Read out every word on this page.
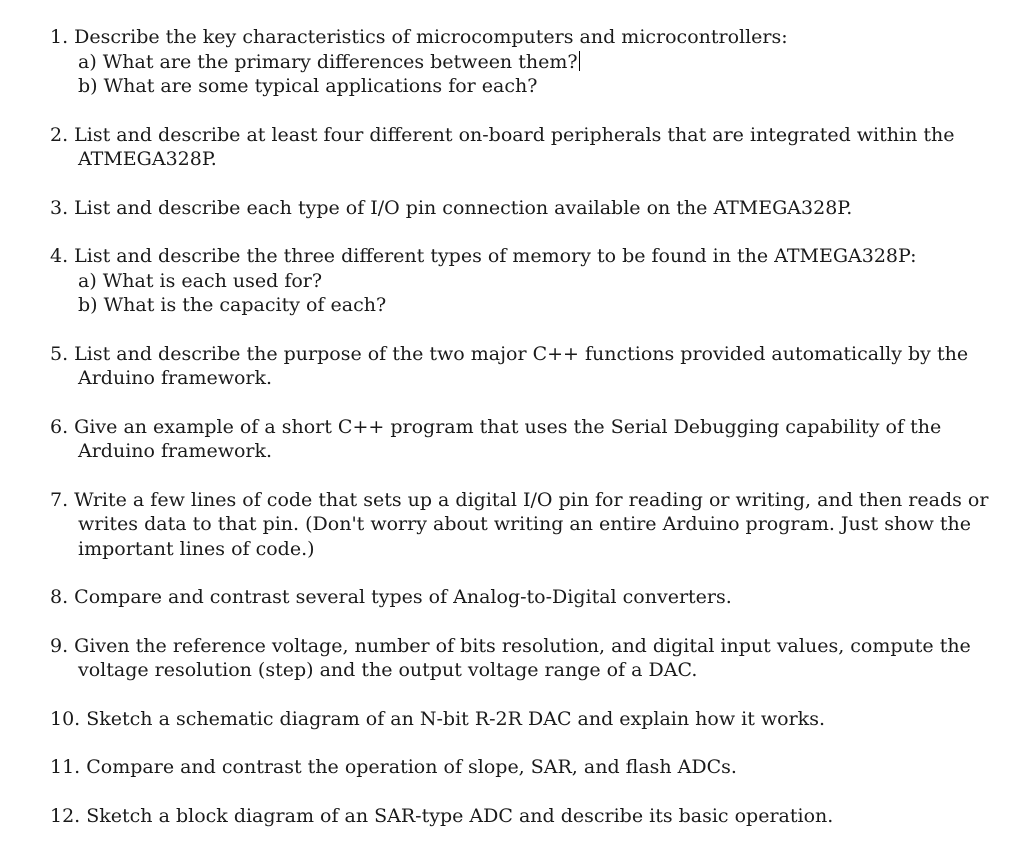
1. Describe the key characteristics of microcomputers and microcontrollers:
a) What are the primary differences between them?
b) What are some typical applications for each?
2. List and describe at least four different on-board peripherals that are integrated within the ATMEGA328P.
3. List and describe each type of I/O pin connection available on the ATMEGA328P.
4. List and describe the three different types of memory to be found in the ATMEGA328P:
a) What is each used for?
b) What is the capacity of each?
5. List and describe the purpose of the two major C++ functions provided automatically by the Arduino framework.
6. Give an example of a short C++ program that uses the Serial Debugging capability of the Arduino framework.
7. Write a few lines of code that sets up a digital I/O pin for reading or writing, and then reads or writes data to that pin. (Don't worry about writing an entire Arduino program. Just show the important lines of code.)
8. Compare and contrast several types of Analog-to-Digital converters.
9. Given the reference voltage, number of bits resolution, and digital input values, compute the voltage resolution (step) and the output voltage range of a DAC.
10. Sketch a schematic diagram of an N-bit R-2R DAC and explain how it works.
11. Compare and contrast the operation of slope, SAR, and flash ADCs.
12. Sketch a block diagram of an SAR-type ADC and describe its basic operation.
